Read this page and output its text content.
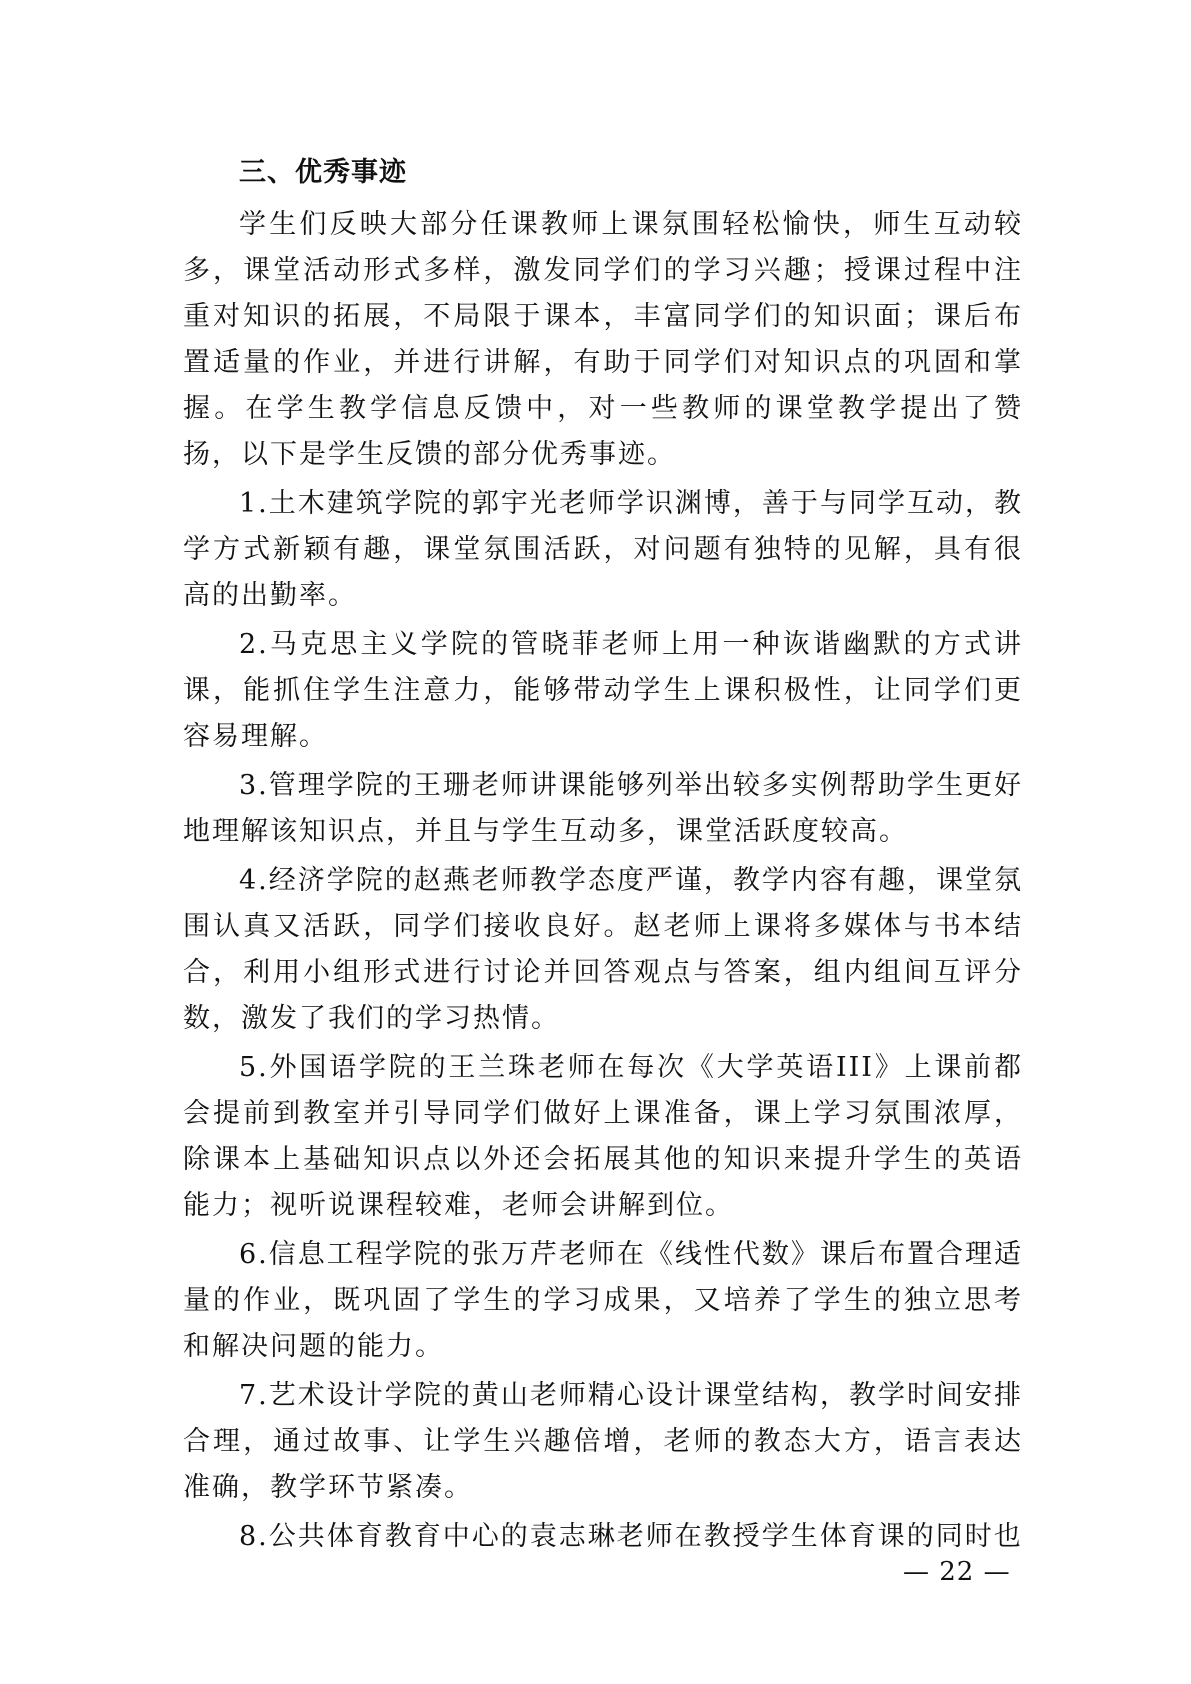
三、优秀事迹

学生们反映大部分任课教师上课氛围轻松愉快，师生互动较多，课堂活动形式多样，激发同学们的学习兴趣；授课过程中注重对知识的拓展，不局限于课本，丰富同学们的知识面；课后布置适量的作业，并进行讲解，有助于同学们对知识点的巩固和掌握。在学生教学信息反馈中，对一些教师的课堂教学提出了赞扬，以下是学生反馈的部分优秀事迹。

1.土木建筑学院的郭宇光老师学识渊博，善于与同学互动，教学方式新颖有趣，课堂氛围活跃，对问题有独特的见解，具有很高的出勤率。

2.马克思主义学院的管晓菲老师上用一种诙谐幽默的方式讲课，能抓住学生注意力，能够带动学生上课积极性，让同学们更容易理解。

3.管理学院的王珊老师讲课能够列举出较多实例帮助学生更好地理解该知识点，并且与学生互动多，课堂活跃度较高。

4.经济学院的赵燕老师教学态度严谨，教学内容有趣，课堂氛围认真又活跃，同学们接收良好。赵老师上课将多媒体与书本结合，利用小组形式进行讨论并回答观点与答案，组内组间互评分数，激发了我们的学习热情。

5.外国语学院的王兰珠老师在每次《大学英语III》上课前都会提前到教室并引导同学们做好上课准备，课上学习氛围浓厚，除课本上基础知识点以外还会拓展其他的知识来提升学生的英语能力；视听说课程较难，老师会讲解到位。

6.信息工程学院的张万芹老师在《线性代数》课后布置合理适量的作业，既巩固了学生的学习成果，又培养了学生的独立思考和解决问题的能力。

7.艺术设计学院的黄山老师精心设计课堂结构，教学时间安排合理，通过故事、让学生兴趣倍增，老师的教态大方，语言表达准确，教学环节紧凑。

8.公共体育教育中心的袁志琳老师在教授学生体育课的同时也

— 22 —
